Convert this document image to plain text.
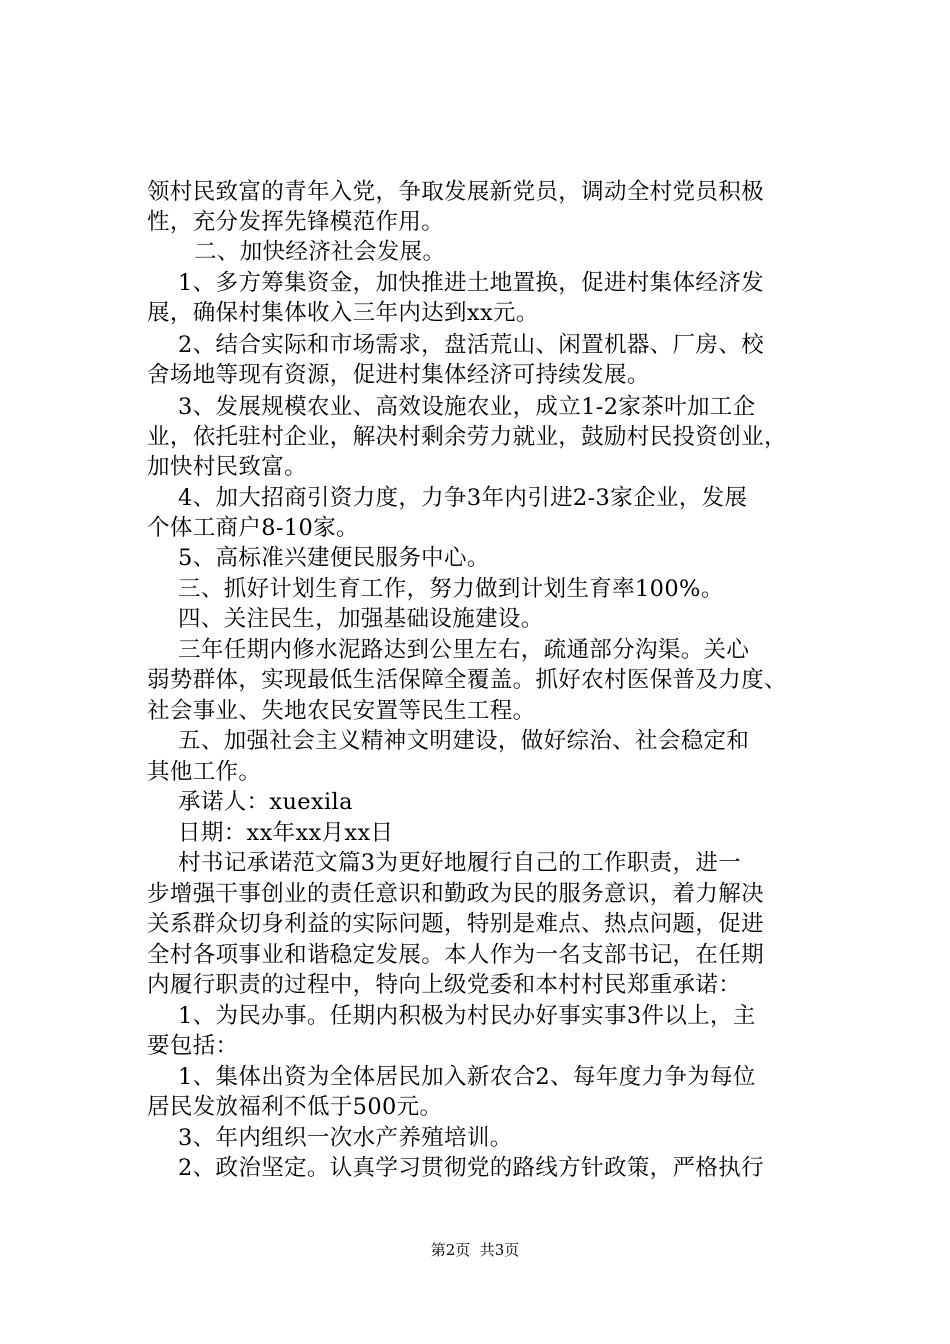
领村民致富的青年入党，争取发展新党员，调动全村党员积极
性，充分发挥先锋模范作用。
二、加快经济社会发展。
1、多方筹集资金，加快推进土地置换，促进村集体经济发
展，确保村集体收入三年内达到xx元。
2、结合实际和市场需求，盘活荒山、闲置机器、厂房、校
舍场地等现有资源，促进村集体经济可持续发展。
3、发展规模农业、高效设施农业，成立1-2家茶叶加工企
业，依托驻村企业，解决村剩余劳力就业，鼓励村民投资创业，
加快村民致富。
4、加大招商引资力度，力争3年内引进2-3家企业，发展
个体工商户8-10家。
5、高标准兴建便民服务中心。
三、抓好计划生育工作，努力做到计划生育率100%。
四、关注民生，加强基础设施建设。
三年任期内修水泥路达到公里左右，疏通部分沟渠。关心
弱势群体，实现最低生活保障全覆盖。抓好农村医保普及力度、
社会事业、失地农民安置等民生工程。
五、加强社会主义精神文明建设，做好综治、社会稳定和
其他工作。
承诺人：xuexila
日期：xx年xx月xx日
村书记承诺范文篇3为更好地履行自己的工作职责，进一
步增强干事创业的责任意识和勤政为民的服务意识，着力解决
关系群众切身利益的实际问题，特别是难点、热点问题，促进
全村各项事业和谐稳定发展。本人作为一名支部书记，在任期
内履行职责的过程中，特向上级党委和本村村民郑重承诺：
1、为民办事。任期内积极为村民办好事实事3件以上，主
要包括：
1、集体出资为全体居民加入新农合2、每年度力争为每位
居民发放福利不低于500元。
3、年内组织一次水产养殖培训。
2、政治坚定。认真学习贯彻党的路线方针政策，严格执行
第2页  共3页
